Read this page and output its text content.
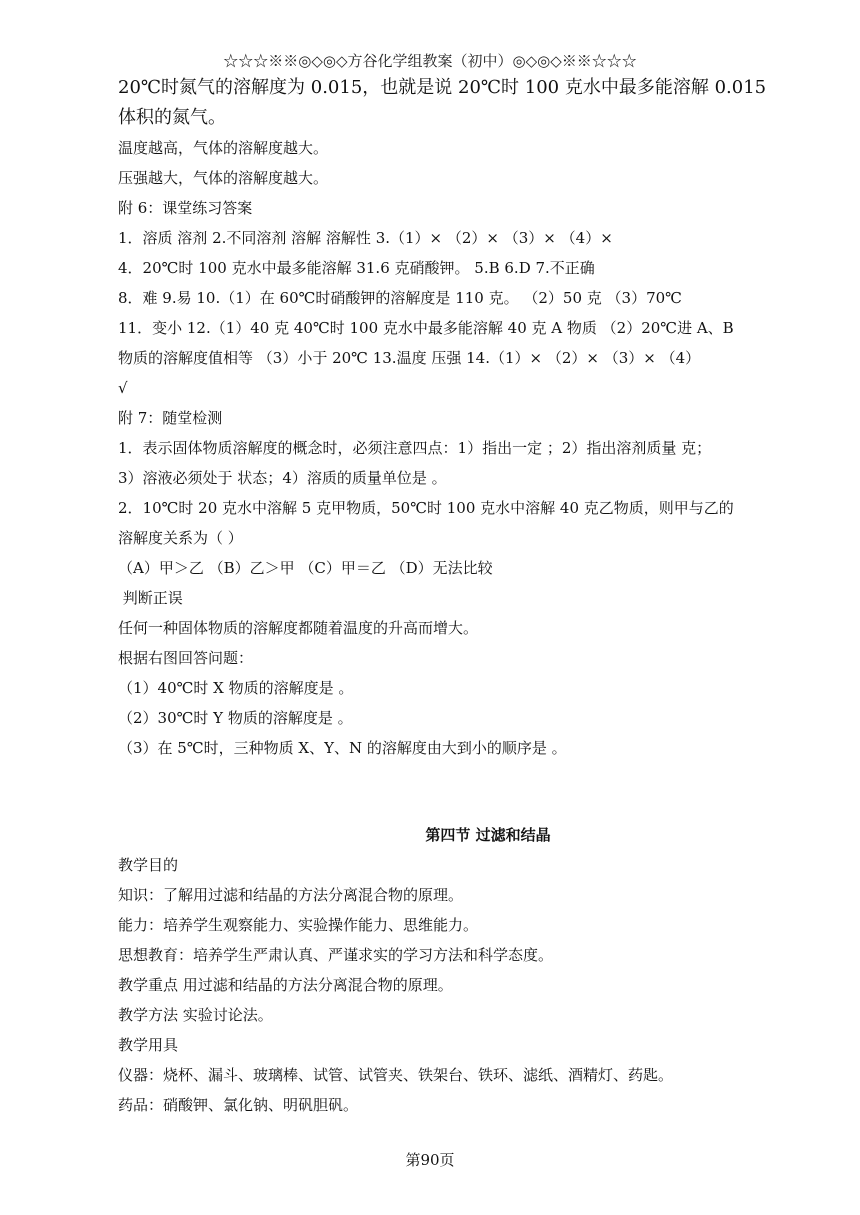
☆☆☆※※◎◇◎◇方谷化学组教案（初中）◎◇◎◇※※☆☆☆

20℃时氮气的溶解度为 0.015，也就是说 20℃时 100 克水中最多能溶解 0.015

体积的氮气。

温度越高，气体的溶解度越大。

压强越大，气体的溶解度越大。

附 6：课堂练习答案

1．溶质 溶剂 2.不同溶剂 溶解 溶解性 3.（1）× （2）× （3）× （4）×

4．20℃时 100 克水中最多能溶解 31.6 克硝酸钾。 5.B 6.D 7.不正确

8．难 9.易 10.（1）在 60℃时硝酸钾的溶解度是 110 克。 （2）50 克 （3）70℃

11．变小 12.（1）40 克 40℃时 100 克水中最多能溶解 40 克 A 物质 （2）20℃进 A、B

物质的溶解度值相等 （3）小于 20℃ 13.温度 压强 14.（1）× （2）× （3）× （4）

√

附 7：随堂检测

1．表示固体物质溶解度的概念时，必须注意四点：1）指出一定 ；2）指出溶剂质量 克；

3）溶液必须处于 状态；4）溶质的质量单位是 。

2．10℃时 20 克水中溶解 5 克甲物质，50℃时 100 克水中溶解 40 克乙物质，则甲与乙的

溶解度关系为（ ）

（A）甲＞乙 （B）乙＞甲 （C）甲＝乙 （D）无法比较

判断正误

任何一种固体物质的溶解度都随着温度的升高而增大。

根据右图回答问题：

（1）40℃时 X 物质的溶解度是 。

（2）30℃时 Y 物质的溶解度是 。

（3）在 5℃时，三种物质 X、Y、N 的溶解度由大到小的顺序是 。

第四节 过滤和结晶

教学目的

知识：了解用过滤和结晶的方法分离混合物的原理。

能力：培养学生观察能力、实验操作能力、思维能力。

思想教育：培养学生严肃认真、严谨求实的学习方法和科学态度。

教学重点 用过滤和结晶的方法分离混合物的原理。

教学方法 实验讨论法。

教学用具

仪器：烧杯、漏斗、玻璃棒、试管、试管夹、铁架台、铁环、滤纸、酒精灯、药匙。

药品：硝酸钾、氯化钠、明矾胆矾。

第90页
